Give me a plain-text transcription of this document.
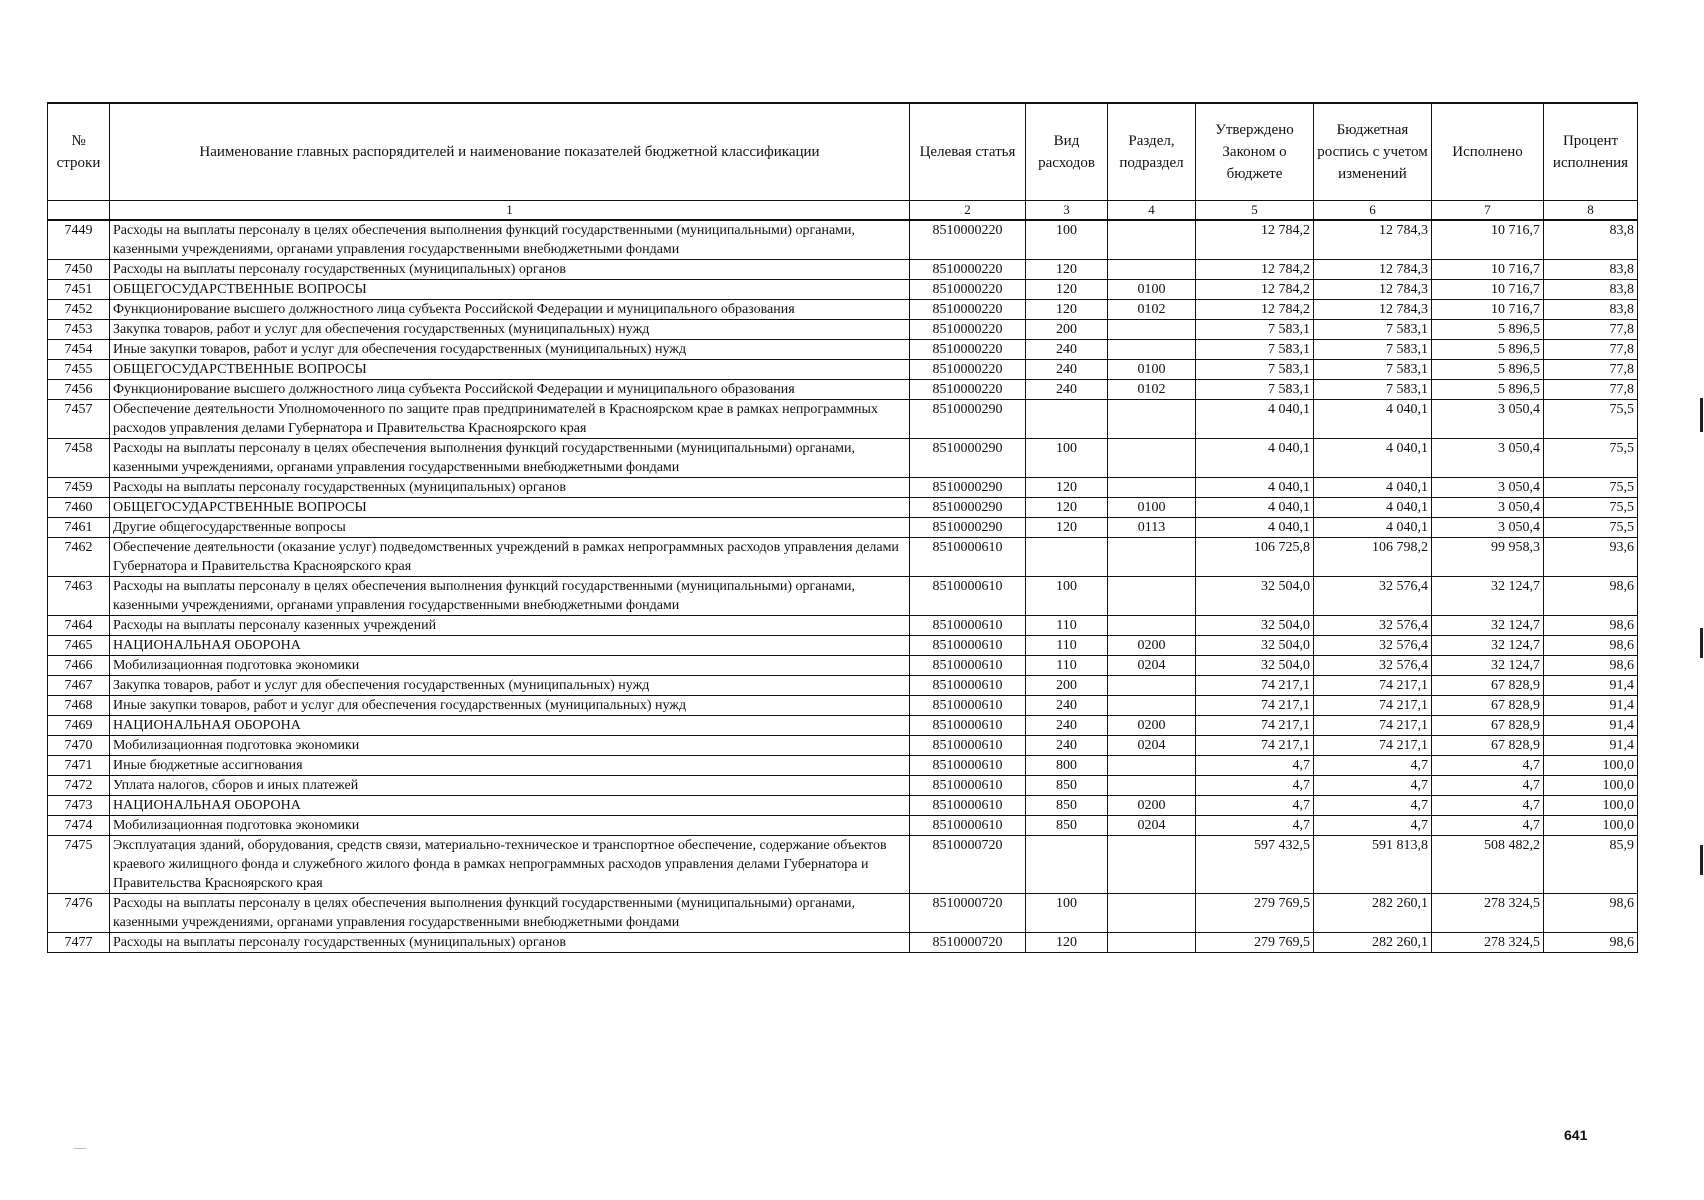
№ строки	Наименование главных распорядителей и наименование показателей бюджетной классификации	Целевая статья	Вид расходов	Раздел, подраздел	Утверждено Законом о бюджете	Бюджетная роспись с учетом изменений	Исполнено	Процент исполнения
	1	2	3	4	5	6	7	8
7449	Расходы на выплаты персоналу в целях обеспечения выполнения функций государственными (муниципальными) органами, казенными учреждениями, органами управления государственными внебюджетными фондами	8510000220	100		12 784,2	12 784,3	10 716,7	83,8
7450	Расходы на выплаты персоналу государственных (муниципальных) органов	8510000220	120		12 784,2	12 784,3	10 716,7	83,8
7451	ОБЩЕГОСУДАРСТВЕННЫЕ ВОПРОСЫ	8510000220	120	0100	12 784,2	12 784,3	10 716,7	83,8
7452	Функционирование высшего должностного лица субъекта Российской Федерации и муниципального образования	8510000220	120	0102	12 784,2	12 784,3	10 716,7	83,8
7453	Закупка товаров, работ и услуг для обеспечения государственных (муниципальных) нужд	8510000220	200		7 583,1	7 583,1	5 896,5	77,8
7454	Иные закупки товаров, работ и услуг для обеспечения государственных (муниципальных) нужд	8510000220	240		7 583,1	7 583,1	5 896,5	77,8
7455	ОБЩЕГОСУДАРСТВЕННЫЕ ВОПРОСЫ	8510000220	240	0100	7 583,1	7 583,1	5 896,5	77,8
7456	Функционирование высшего должностного лица субъекта Российской Федерации и муниципального образования	8510000220	240	0102	7 583,1	7 583,1	5 896,5	77,8
7457	Обеспечение деятельности Уполномоченного по защите прав предпринимателей в Красноярском крае в рамках непрограммных расходов управления делами Губернатора и Правительства Красноярского края	8510000290			4 040,1	4 040,1	3 050,4	75,5
7458	Расходы на выплаты персоналу в целях обеспечения выполнения функций государственными (муниципальными) органами, казенными учреждениями, органами управления государственными внебюджетными фондами	8510000290	100		4 040,1	4 040,1	3 050,4	75,5
7459	Расходы на выплаты персоналу государственных (муниципальных) органов	8510000290	120		4 040,1	4 040,1	3 050,4	75,5
7460	ОБЩЕГОСУДАРСТВЕННЫЕ ВОПРОСЫ	8510000290	120	0100	4 040,1	4 040,1	3 050,4	75,5
7461	Другие общегосударственные вопросы	8510000290	120	0113	4 040,1	4 040,1	3 050,4	75,5
7462	Обеспечение деятельности (оказание услуг) подведомственных учреждений в рамках непрограммных расходов управления делами Губернатора и Правительства Красноярского края	8510000610			106 725,8	106 798,2	99 958,3	93,6
7463	Расходы на выплаты персоналу в целях обеспечения выполнения функций государственными (муниципальными) органами, казенными учреждениями, органами управления государственными внебюджетными фондами	8510000610	100		32 504,0	32 576,4	32 124,7	98,6
7464	Расходы на выплаты персоналу казенных учреждений	8510000610	110		32 504,0	32 576,4	32 124,7	98,6
7465	НАЦИОНАЛЬНАЯ ОБОРОНА	8510000610	110	0200	32 504,0	32 576,4	32 124,7	98,6
7466	Мобилизационная подготовка экономики	8510000610	110	0204	32 504,0	32 576,4	32 124,7	98,6
7467	Закупка товаров, работ и услуг для обеспечения государственных (муниципальных) нужд	8510000610	200		74 217,1	74 217,1	67 828,9	91,4
7468	Иные закупки товаров, работ и услуг для обеспечения государственных (муниципальных) нужд	8510000610	240		74 217,1	74 217,1	67 828,9	91,4
7469	НАЦИОНАЛЬНАЯ ОБОРОНА	8510000610	240	0200	74 217,1	74 217,1	67 828,9	91,4
7470	Мобилизационная подготовка экономики	8510000610	240	0204	74 217,1	74 217,1	67 828,9	91,4
7471	Иные бюджетные ассигнования	8510000610	800		4,7	4,7	4,7	100,0
7472	Уплата налогов, сборов и иных платежей	8510000610	850		4,7	4,7	4,7	100,0
7473	НАЦИОНАЛЬНАЯ ОБОРОНА	8510000610	850	0200	4,7	4,7	4,7	100,0
7474	Мобилизационная подготовка экономики	8510000610	850	0204	4,7	4,7	4,7	100,0
7475	Эксплуатация зданий, оборудования, средств связи, материально-техническое и транспортное обеспечение, содержание объектов краевого жилищного фонда и служебного жилого фонда в рамках непрограммных расходов управления делами Губернатора и Правительства Красноярского края	8510000720			597 432,5	591 813,8	508 482,2	85,9
7476	Расходы на выплаты персоналу в целях обеспечения выполнения функций государственными (муниципальными) органами, казенными учреждениями, органами управления государственными внебюджетными фондами	8510000720	100		279 769,5	282 260,1	278 324,5	98,6
7477	Расходы на выплаты персоналу государственных (муниципальных) органов	8510000720	120		279 769,5	282 260,1	278 324,5	98,6
641
